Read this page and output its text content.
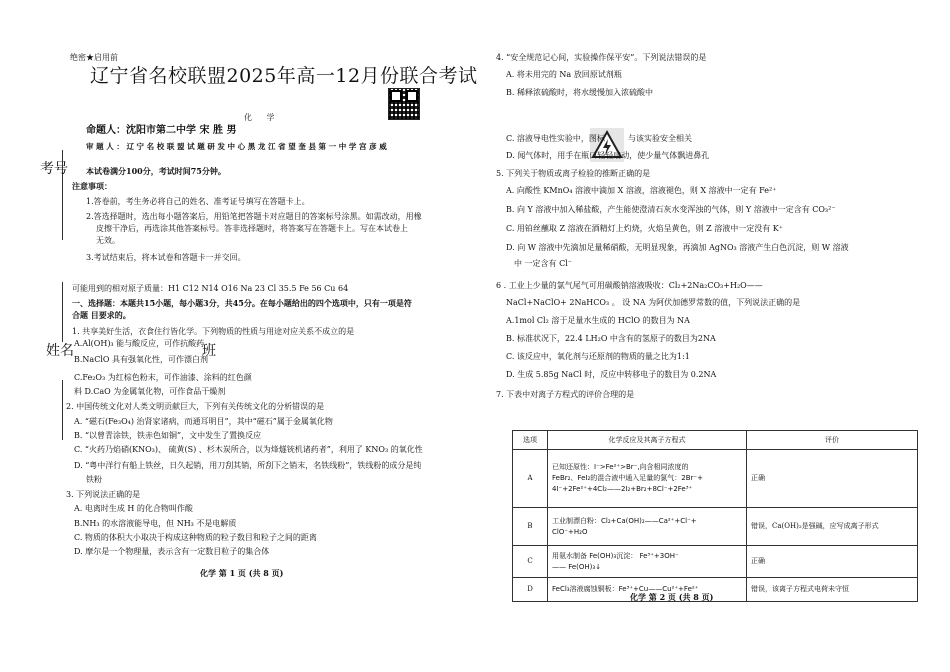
绝密★启用前
辽宁省名校联盟2025年高一12月份联合考试
化 学
命题人：沈阳市第二中学 宋 胜 男
审 题 人 ： 辽 宁 名 校 联 盟 试 题 研 发 中 心 黑 龙 江 省 望 奎 县 第 一 中 学 宫 彦 威
考号
姓名	班
本试卷满分100分，考试时间75分钟。
注意事项：
1.答卷前，考生务必将自己的姓名、准考证号填写在答题卡上。
2.答选择题时，选出每小题答案后，用铅笔把答题卡对应题目的答案标号涂黑。如需改动，用橡
皮擦干净后，再选涂其他答案标号。答非选择题时，将答案写在答题卡上。写在本试卷上
无效。
3.考试结束后，将本试卷和答题卡一并交回。
可能用到的相对原子质量：H1 C12 N14 O16 Na 23 Cl 35.5 Fe 56 Cu 64
一、选择题：本题共15小题，每小题3分，共45分。在每小题给出的四个选项中，只有一项是符
合题 目要求的。
1. 共享美好生活，衣食住行皆化学。下列物质的性质与用途对应关系不成立的是
A.Al(OH)₃ 能与酸反应，可作抗酸药
B.NaClO 具有强氧化性，可作漂白剂
C.Fe₂O₃ 为红棕色粉末，可作油漆、涂料的红色颜
料 D.CaO 为金属氧化物，可作食品干燥剂
2. 中国传统文化对人类文明贡献巨大，下列有关传统文化的分析错误的是
A. “磁石(Fe₃O₄) 治肾家诸病，而通耳明目”，其中“磁石”属于金属氧化物
B. “以曾青涂铁，铁赤色如铜”，文中发生了置换反应
C. “火药乃焰硝(KNO₃)、 硫黄(S) 、杉木炭所合，以为烽燧铳机诸药者”，利用了 KNO₃ 的氧化性
D. “粤中洋行有船上铁丝，日久起销，用刀刮其销，所刮下之销末，名铁线粉”，铁线粉的成分是纯
铁粉
3. 下列说法正确的是
A. 电离时生成 H 的化合物叫作酸
B.NH₃ 的水溶液能导电，但 NH₃ 不是电解质
C. 物质的体积大小取决于构成这种物质的粒子数目和粒子之间的距离
D. 摩尔是一个物理量，表示含有一定数目粒子的集合体
化学 第 1 页 (共 8 页)
4. “安全规范记心间，实验操作保平安”。下列说法错误的是
A. 将未用完的 Na 放回原试剂瓶
B. 稀释浓硫酸时，将水缓慢加入浓硫酸中
C. 溶液导电性实验中，图标	与该实验安全相关
D. 闻气体时，用手在瓶口轻轻扇动，使少量气体飘进鼻孔
5. 下列关于物质或离子检验的推断正确的是
A. 向酸性 KMnO₄ 溶液中滴加 X 溶液，溶液褪色，则 X 溶液中一定有 Fe²⁺
B. 向 Y 溶液中加入稀盐酸，产生能使澄清石灰水变浑浊的气体，则 Y 溶液中一定含有 CO₃²⁻
C. 用铂丝蘸取 Z 溶液在酒精灯上灼烧，火焰呈黄色，则 Z 溶液中一定没有 K⁺
D. 向 W 溶液中先滴加足量稀硝酸，无明显现象，再滴加 AgNO₃ 溶液产生白色沉淀，则 W 溶液
中 一定含有 Cl⁻
6 . 工业上少量的氯气尾气可用碳酸钠溶液吸收：Cl₂+2Na₂CO₃+H₂O——
NaCl+NaClO+ 2NaHCO₃ 。 设 NA 为阿伏加德罗常数的值，下列说法正确的是
A.1mol Cl₂ 溶于足量水生成的 HClO 的数目为 NA
B. 标准状况下，22.4 LH₂O 中含有的氢原子的数目为2NA
C. 该反应中，氧化剂与还原剂的物质的量之比为1:1
D. 生成 5.85g NaCl 时，反应中转移电子的数目为 0.2NA
7. 下表中对离子方程式的评价合理的是
选项	化学反应及其离子方程式	评价
A	已知还原性：I⁻>Fe²⁺>Br⁻,向含相同浓度的
FeBr₂、FeI₂的混合液中通入足量的氯气：2Br⁻+
4I⁻+2Fe²⁺+4Cl₂——2I₂+Br₂+8Cl⁻+2Fe³⁺	正确
B	工业制漂白粉：Cl₂+Ca(OH)₂——Ca²⁺+Cl⁻+
ClO⁻+H₂O	错误，Ca(OH)₂是强碱，应写成离子形式
C	用氨水制备 Fe(OH)₃沉淀： Fe³⁺+3OH⁻
—— Fe(OH)₃↓	正确
D	FeCl₃溶液腐蚀铜板：Fe³⁺+Cu——Cu²⁺+Fe²⁺	错误，该离子方程式电荷未守恒
化学 第 2 页 (共 8 页)
